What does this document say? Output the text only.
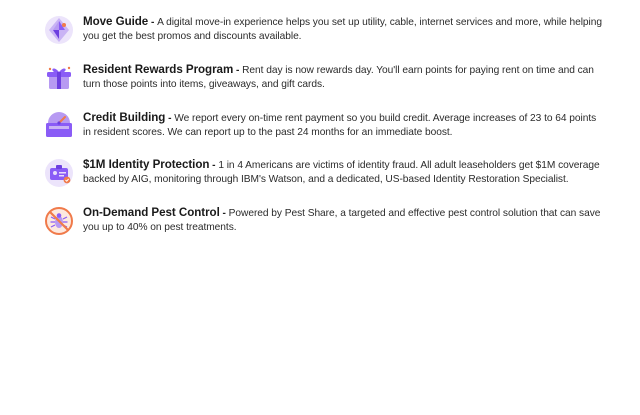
Move Guide - A digital move-in experience helps you set up utility, cable, internet services and more, while helping you get the best promos and discounts available.
Resident Rewards Program - Rent day is now rewards day. You'll earn points for paying rent on time and can turn those points into items, giveaways, and gift cards.
Credit Building - We report every on-time rent payment so you build credit. Average increases of 23 to 64 points in resident scores. We can report up to the past 24 months for an immediate boost.
$1M Identity Protection - 1 in 4 Americans are victims of identity fraud. All adult leaseholders get $1M coverage backed by AIG, monitoring through IBM's Watson, and a dedicated, US-based Identity Restoration Specialist.
On-Demand Pest Control - Powered by Pest Share, a targeted and effective pest control solution that can save you up to 40% on pest treatments.
